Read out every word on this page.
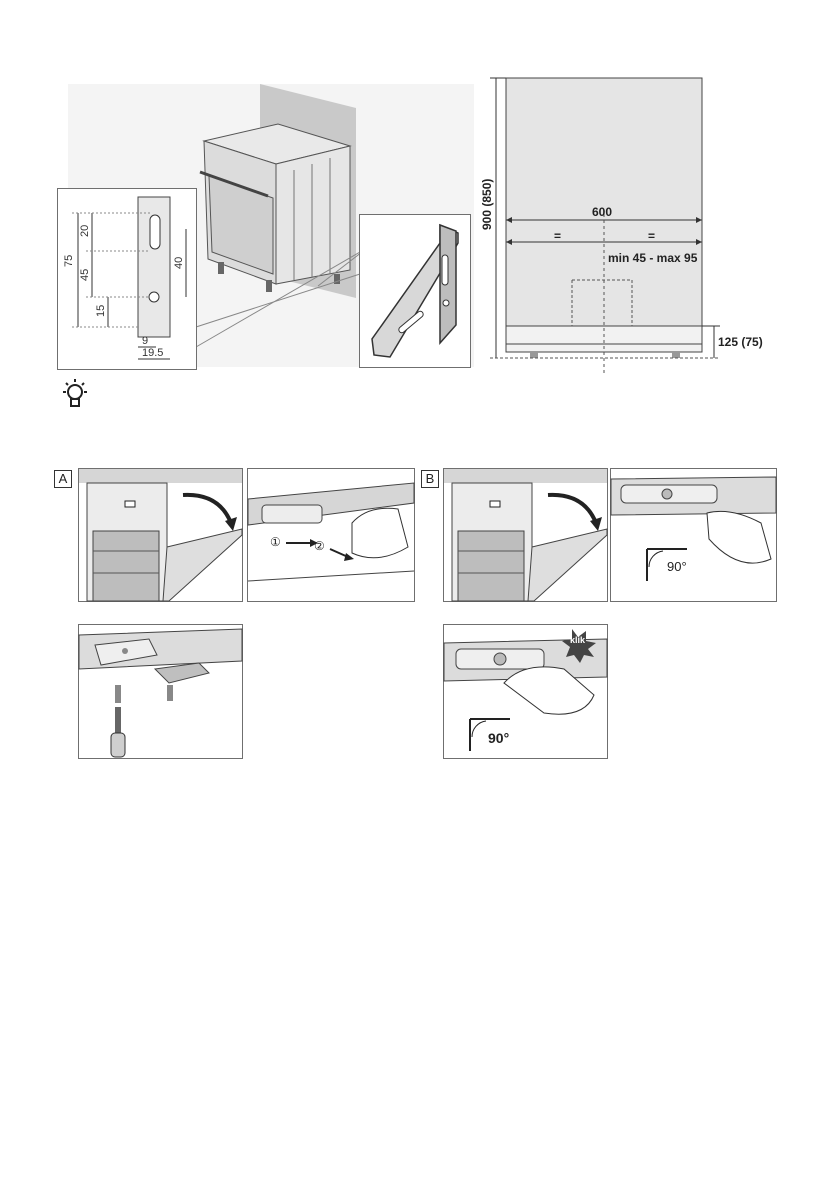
75
20
45
40
15
9
19.5
900 (850)	600
=	=
min 45 - max 95
125 (75)
A
①	②
B
90°
klik
90°
